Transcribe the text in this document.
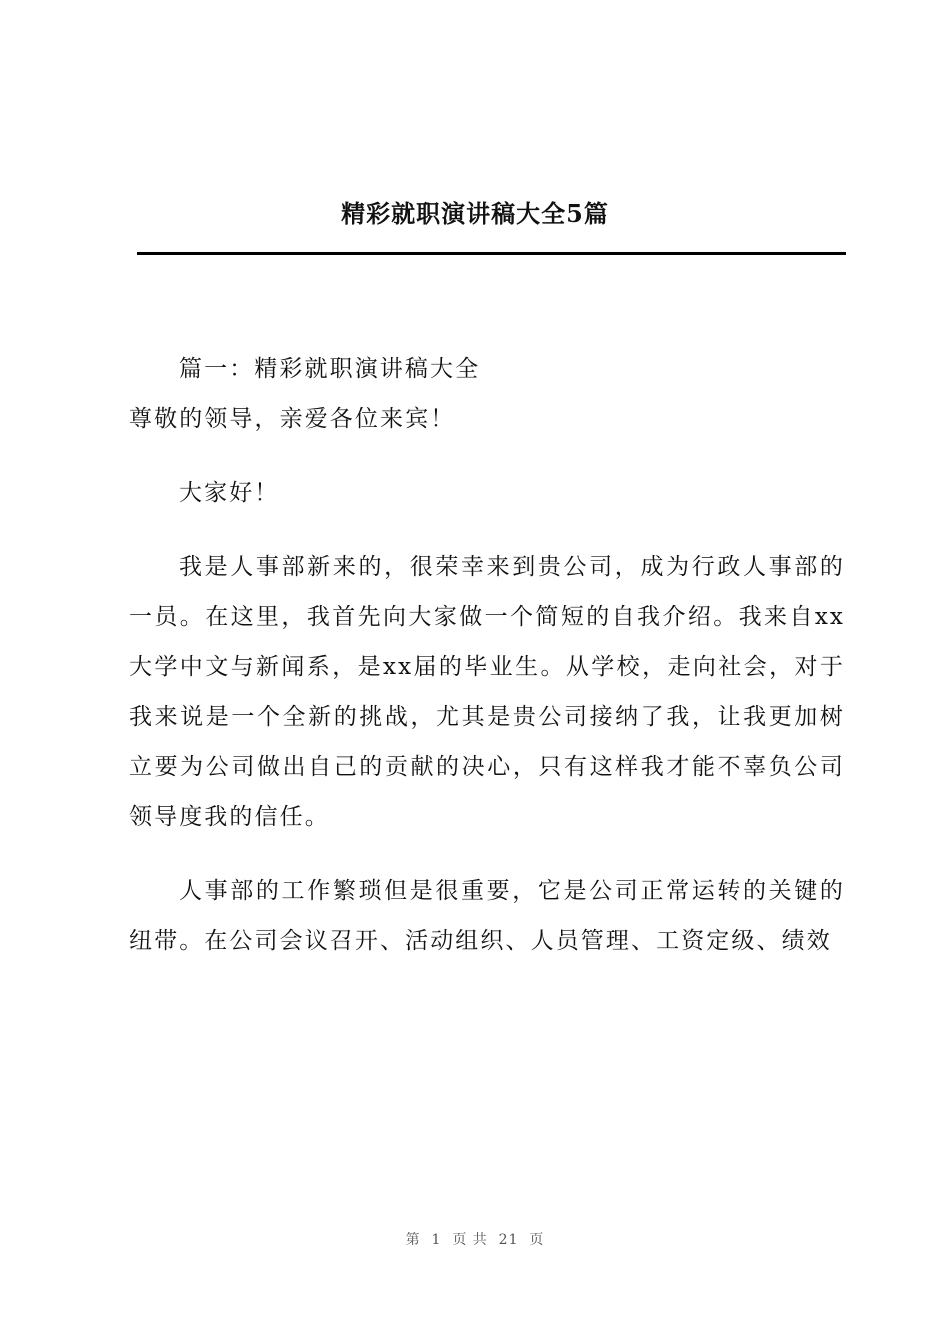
精彩就职演讲稿大全5篇

篇一：精彩就职演讲稿大全

尊敬的领导，亲爱各位来宾！

大家好！

我是人事部新来的，很荣幸来到贵公司，成为行政人事部的一员。在这里，我首先向大家做一个简短的自我介绍。我来自xx大学中文与新闻系，是xx届的毕业生。从学校，走向社会，对于我来说是一个全新的挑战，尤其是贵公司接纳了我，让我更加树立要为公司做出自己的贡献的决心，只有这样我才能不辜负公司领导度我的信任。

人事部的工作繁琐但是很重要，它是公司正常运转的关键的纽带。在公司会议召开、活动组织、人员管理、工资定级、绩效

第  1  页 共  21  页
